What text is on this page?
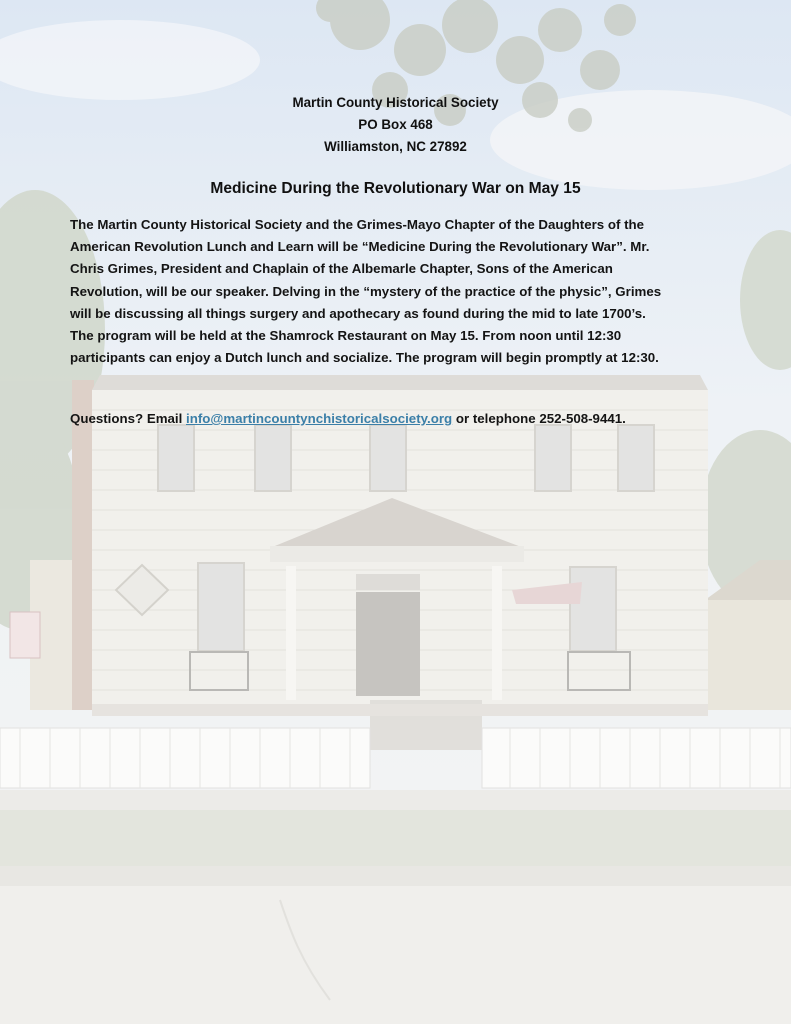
Martin County Historical Society
PO Box 468
Williamston, NC 27892
Medicine During the Revolutionary War on May 15
The Martin County Historical Society and the Grimes-Mayo Chapter of the Daughters of the
American Revolution Lunch and Learn will be “Medicine During the Revolutionary War”. Mr.
Chris Grimes, President and Chaplain of the Albemarle Chapter, Sons of the American
Revolution, will be our speaker. Delving in the “mystery of the practice of the physic”, Grimes
will be discussing all things surgery and apothecary as found during the mid to late 1700’s.
The program will be held at the Shamrock Restaurant on May 15. From noon until 12:30
participants can enjoy a Dutch lunch and socialize. The program will begin promptly at 12:30.
Questions? Email info@martincountynchistoricalsociety.org or telephone 252-508-9441.
